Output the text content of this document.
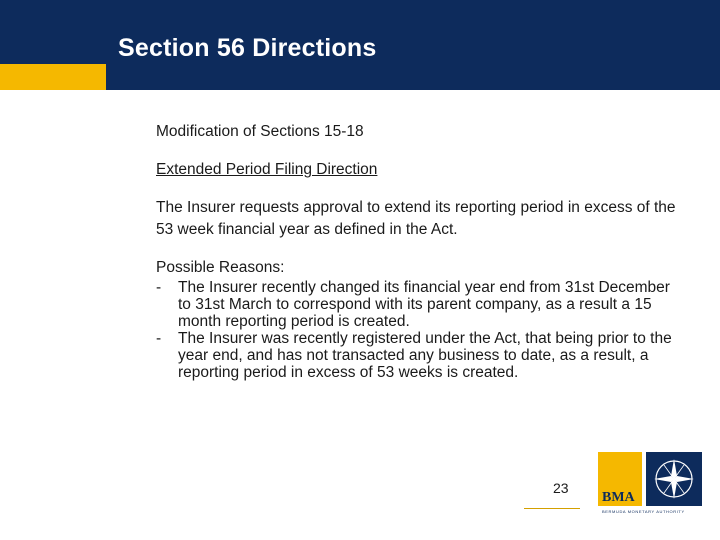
Section 56 Directions

Modification of Sections 15-18

Extended Period Filing Direction

The Insurer requests approval to extend its reporting period in excess of the 53 week financial year as defined in the Act.

Possible Reasons:
-	The Insurer recently changed its financial year end from 31st December to 31st March to correspond with its parent company, as a result a 15 month reporting period is created.
-	The Insurer was recently registered under the Act, that being prior to the year end, and has not transacted any business to date, as a result, a reporting period in excess of 53 weeks is created.
23
BMA
BERMUDA MONETARY AUTHORITY
